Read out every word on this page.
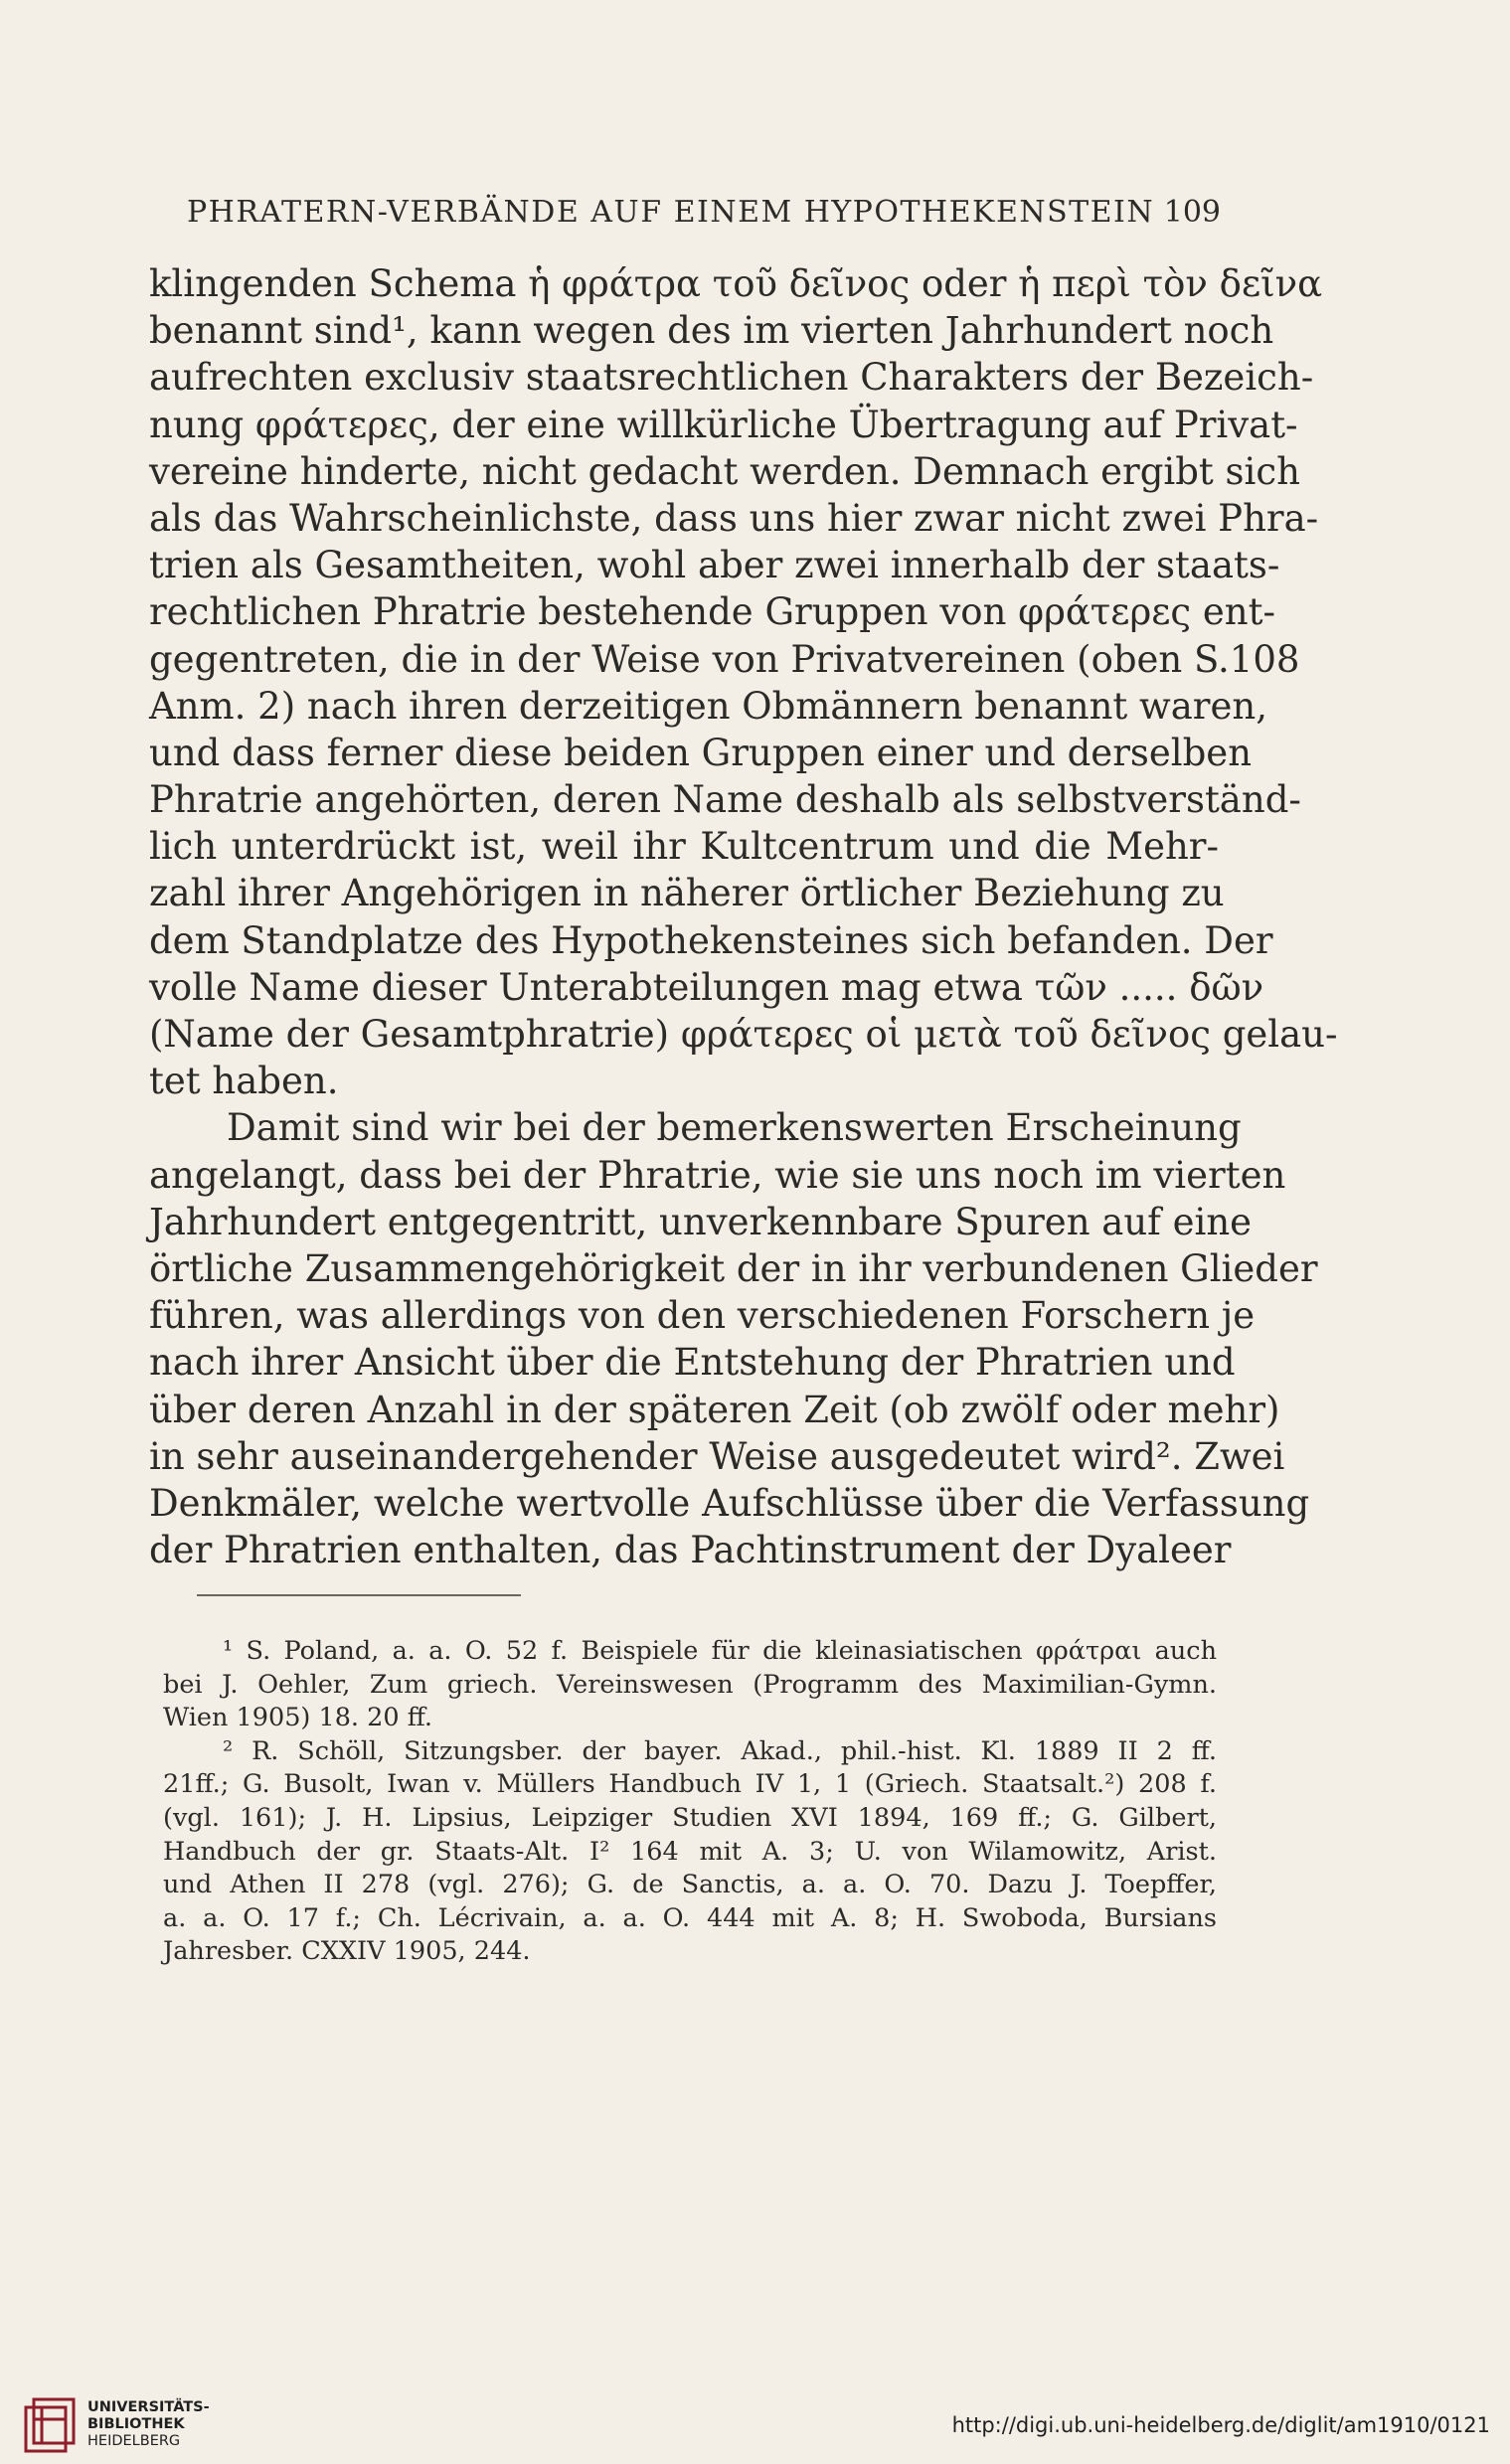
PHRATERN-VERBÄNDE AUF EINEM HYPOTHEKENSTEIN 109
klingenden Schema ἡ φράτρα τοῦ δεῖνος oder ἡ περὶ τὸν δεῖνα
benannt sind¹, kann wegen des im vierten Jahrhundert noch
aufrechten exclusiv staatsrechtlichen Charakters der Bezeich-
nung φράτερες, der eine willkürliche Übertragung auf Privat-
vereine hinderte, nicht gedacht werden. Demnach ergibt sich
als das Wahrscheinlichste, dass uns hier zwar nicht zwei Phra-
trien als Gesamtheiten, wohl aber zwei innerhalb der staats-
rechtlichen Phratrie bestehende Gruppen von φράτερες ent-
gegentreten, die in der Weise von Privatvereinen (oben S.108
Anm. 2) nach ihren derzeitigen Obmännern benannt waren,
und dass ferner diese beiden Gruppen einer und derselben
Phratrie angehörten, deren Name deshalb als selbstverständ-
lich unterdrückt ist, weil ihr Kultcentrum und die Mehr-
zahl ihrer Angehörigen in näherer örtlicher Beziehung zu
dem Standplatze des Hypothekensteines sich befanden. Der
volle Name dieser Unterabteilungen mag etwa τῶν ..... δῶν
(Name der Gesamtphratrie) φράτερες οἱ μετὰ τοῦ δεῖνος gelau-
tet haben.
Damit sind wir bei der bemerkenswerten Erscheinung
angelangt, dass bei der Phratrie, wie sie uns noch im vierten
Jahrhundert entgegentritt, unverkennbare Spuren auf eine
örtliche Zusammengehörigkeit der in ihr verbundenen Glieder
führen, was allerdings von den verschiedenen Forschern je
nach ihrer Ansicht über die Entstehung der Phratrien und
über deren Anzahl in der späteren Zeit (ob zwölf oder mehr)
in sehr auseinandergehender Weise ausgedeutet wird². Zwei
Denkmäler, welche wertvolle Aufschlüsse über die Verfassung
der Phratrien enthalten, das Pachtinstrument der Dyaleer
¹ S. Poland, a. a. O. 52 f. Beispiele für die kleinasiatischen φράτραι auch
bei J. Oehler, Zum griech. Vereinswesen (Programm des Maximilian-Gymn.
Wien 1905) 18. 20 ff.
² R. Schöll, Sitzungsber. der bayer. Akad., phil.-hist. Kl. 1889 II 2 ff.
21ff.; G. Busolt, Iwan v. Müllers Handbuch IV 1, 1 (Griech. Staatsalt.²) 208 f.
(vgl. 161); J. H. Lipsius, Leipziger Studien XVI 1894, 169 ff.; G. Gilbert,
Handbuch der gr. Staats-Alt. I² 164 mit A. 3; U. von Wilamowitz, Arist.
und Athen II 278 (vgl. 276); G. de Sanctis, a. a. O. 70. Dazu J. Toepffer,
a. a. O. 17 f.; Ch. Lécrivain, a. a. O. 444 mit A. 8; H. Swoboda, Bursians
Jahresber. CXXIV 1905, 244.
UNIVERSITÄTS-
BIBLIOTHEK
HEIDELBERG
http://digi.ub.uni-heidelberg.de/diglit/am1910/0121
